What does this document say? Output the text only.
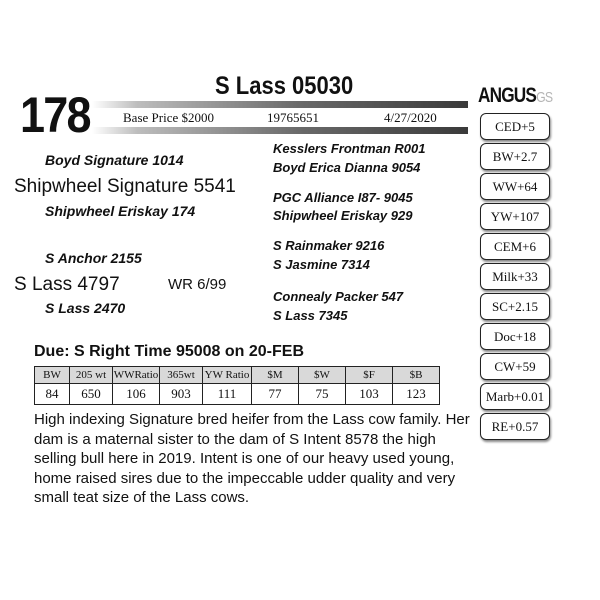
178
S Lass 05030	ANGUSGS
Base Price $2000	19765651	4/27/2020
Boyd Signature 1014
Shipwheel Signature 5541
Shipwheel Eriskay 174
S Anchor 2155
S Lass 4797	WR 6/99
S Lass 2470
Kesslers Frontman R001
Boyd Erica Dianna 9054
PGC Alliance I87- 9045
Shipwheel Eriskay 929
S Rainmaker 9216
S Jasmine 7314
Connealy Packer 547
S Lass 7345
CED+5
BW+2.7
WW+64
YW+107
CEM+6
Milk+33
SC+2.15
Doc+18
CW+59
Marb+0.01
RE+0.57
Due: S Right Time 95008 on 20-FEB
BW	205 wt	WWRatio	365wt	YW Ratio	$M	$W	$F	$B
84	650	106	903	111	77	75	103	123
High indexing Signature bred heifer from the Lass cow family. Her dam is a maternal sister to the dam of S Intent 8578 the high selling bull here in 2019. Intent is one of our heavy used young, home raised sires due to the impeccable udder quality and very small teat size of the Lass cows.
